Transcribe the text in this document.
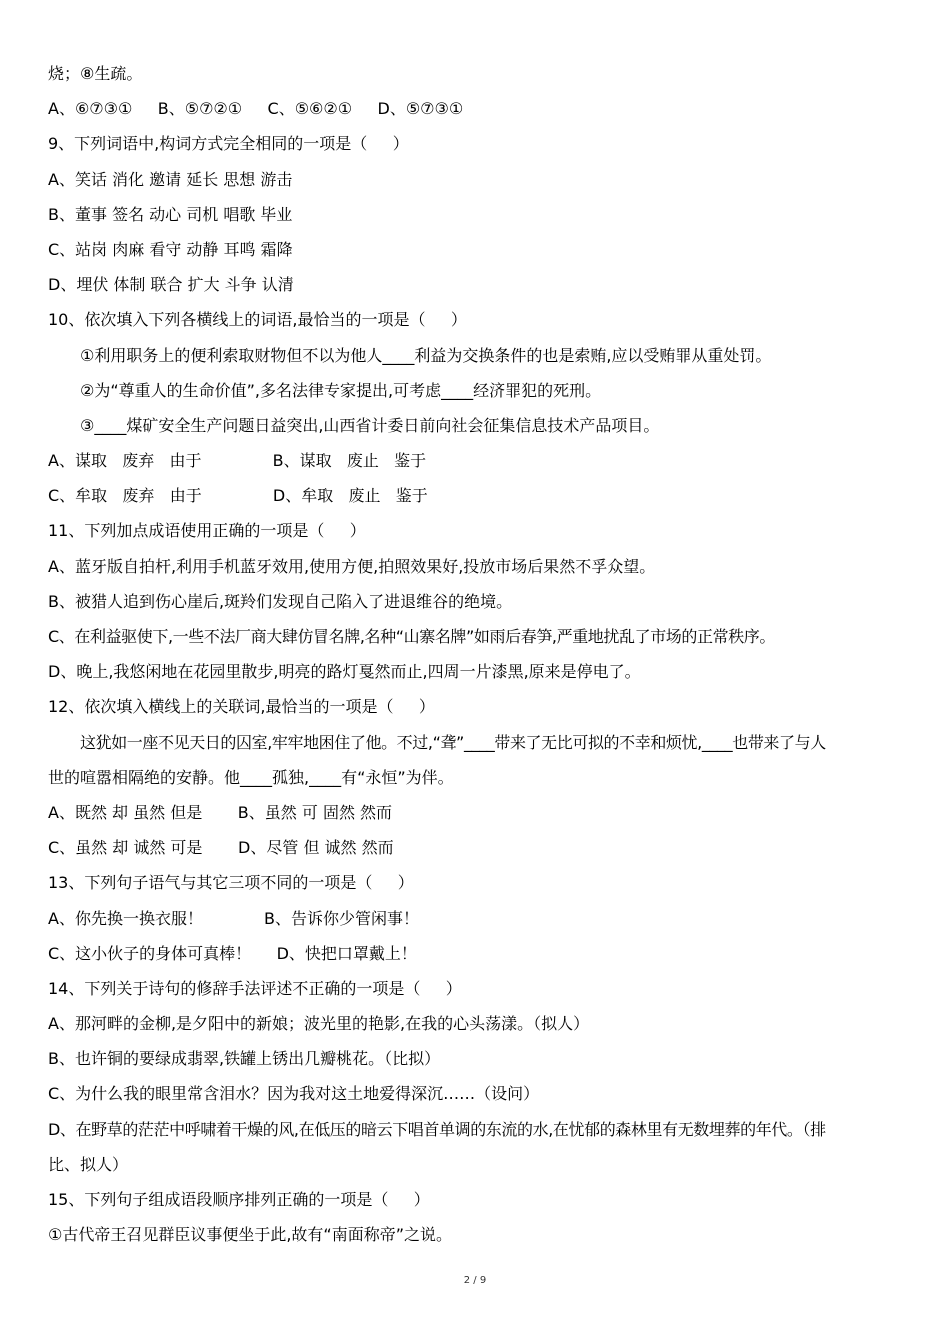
烧；⑧生疏。
A、⑥⑦③①     B、⑤⑦②①     C、⑤⑥②①     D、⑤⑦③①
9、下列词语中,构词方式完全相同的一项是（     ）
A、笑话 消化 邀请 延长 思想 游击
B、董事 签名 动心 司机 唱歌 毕业
C、站岗 肉麻 看守 动静 耳鸣 霜降
D、埋伏 体制 联合 扩大 斗争 认清
10、依次填入下列各横线上的词语,最恰当的一项是（     ）
①利用职务上的便利索取财物但不以为他人____利益为交换条件的也是索贿,应以受贿罪从重处罚。
②为“尊重人的生命价值”,多名法律专家提出,可考虑____经济罪犯的死刑。
③____煤矿安全生产问题日益突出,山西省计委日前向社会征集信息技术产品项目。
A、谋取   废弃   由于              B、谋取   废止   鉴于
C、牟取   废弃   由于              D、牟取   废止   鉴于
11、下列加点成语使用正确的一项是（     ）
A、蓝牙版自拍杆,利用手机蓝牙效用,使用方便,拍照效果好,投放市场后果然不孚众望。
B、被猎人追到伤心崖后,斑羚们发现自己陷入了进退维谷的绝境。
C、在利益驱使下,一些不法厂商大肆仿冒名牌,名种“山寨名牌”如雨后春笋,严重地扰乱了市场的正常秩序。
D、晚上,我悠闲地在花园里散步,明亮的路灯戛然而止,四周一片漆黑,原来是停电了。
12、依次填入横线上的关联词,最恰当的一项是（     ）
这犹如一座不见天日的囚室,牢牢地困住了他。不过,“聋”____带来了无比可拟的不幸和烦忧,____也带来了与人
世的喧嚣相隔绝的安静。他____孤独,____有“永恒”为伴。
A、既然 却 虽然 但是       B、虽然 可 固然 然而
C、虽然 却 诚然 可是       D、尽管 但 诚然 然而
13、下列句子语气与其它三项不同的一项是（     ）
A、你先换一换衣服！            B、告诉你少管闲事！
C、这小伙子的身体可真棒！     D、快把口罩戴上！
14、下列关于诗句的修辞手法评述不正确的一项是（     ）
A、那河畔的金柳,是夕阳中的新娘；波光里的艳影,在我的心头荡漾。（拟人）
B、也许铜的要绿成翡翠,铁罐上锈出几瓣桃花。（比拟）
C、为什么我的眼里常含泪水？因为我对这土地爱得深沉……（设问）
D、在野草的茫茫中呼啸着干燥的风,在低压的暗云下唱首单调的东流的水,在忧郁的森林里有无数埋葬的年代。（排
比、拟人）
15、下列句子组成语段顺序排列正确的一项是（     ）
①古代帝王召见群臣议事便坐于此,故有“南面称帝”之说。
2 / 9
